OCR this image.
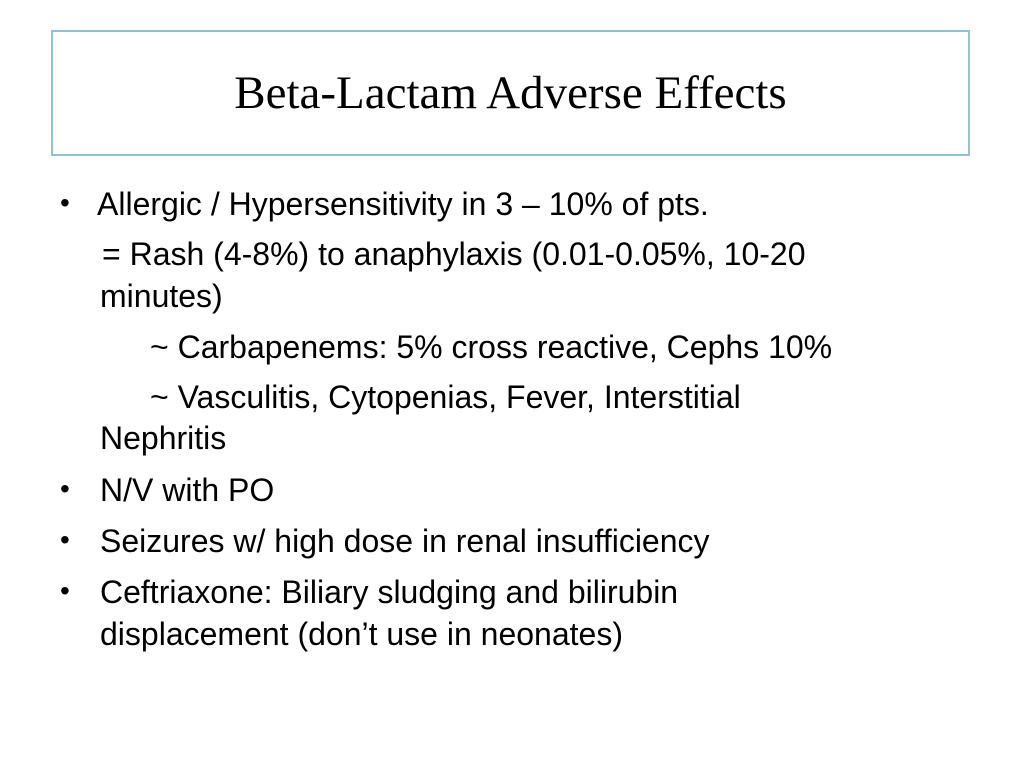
Beta-Lactam Adverse Effects
• Allergic / Hypersensitivity in 3 – 10% of pts.
= Rash (4-8%) to anaphylaxis (0.01-0.05%, 10-20
minutes)
~ Carbapenems: 5% cross reactive, Cephs 10%
~ Vasculitis, Cytopenias, Fever, Interstitial
Nephritis
• N/V with PO
• Seizures w/ high dose in renal insufficiency
• Ceftriaxone: Biliary sludging and bilirubin
displacement (don’t use in neonates)
